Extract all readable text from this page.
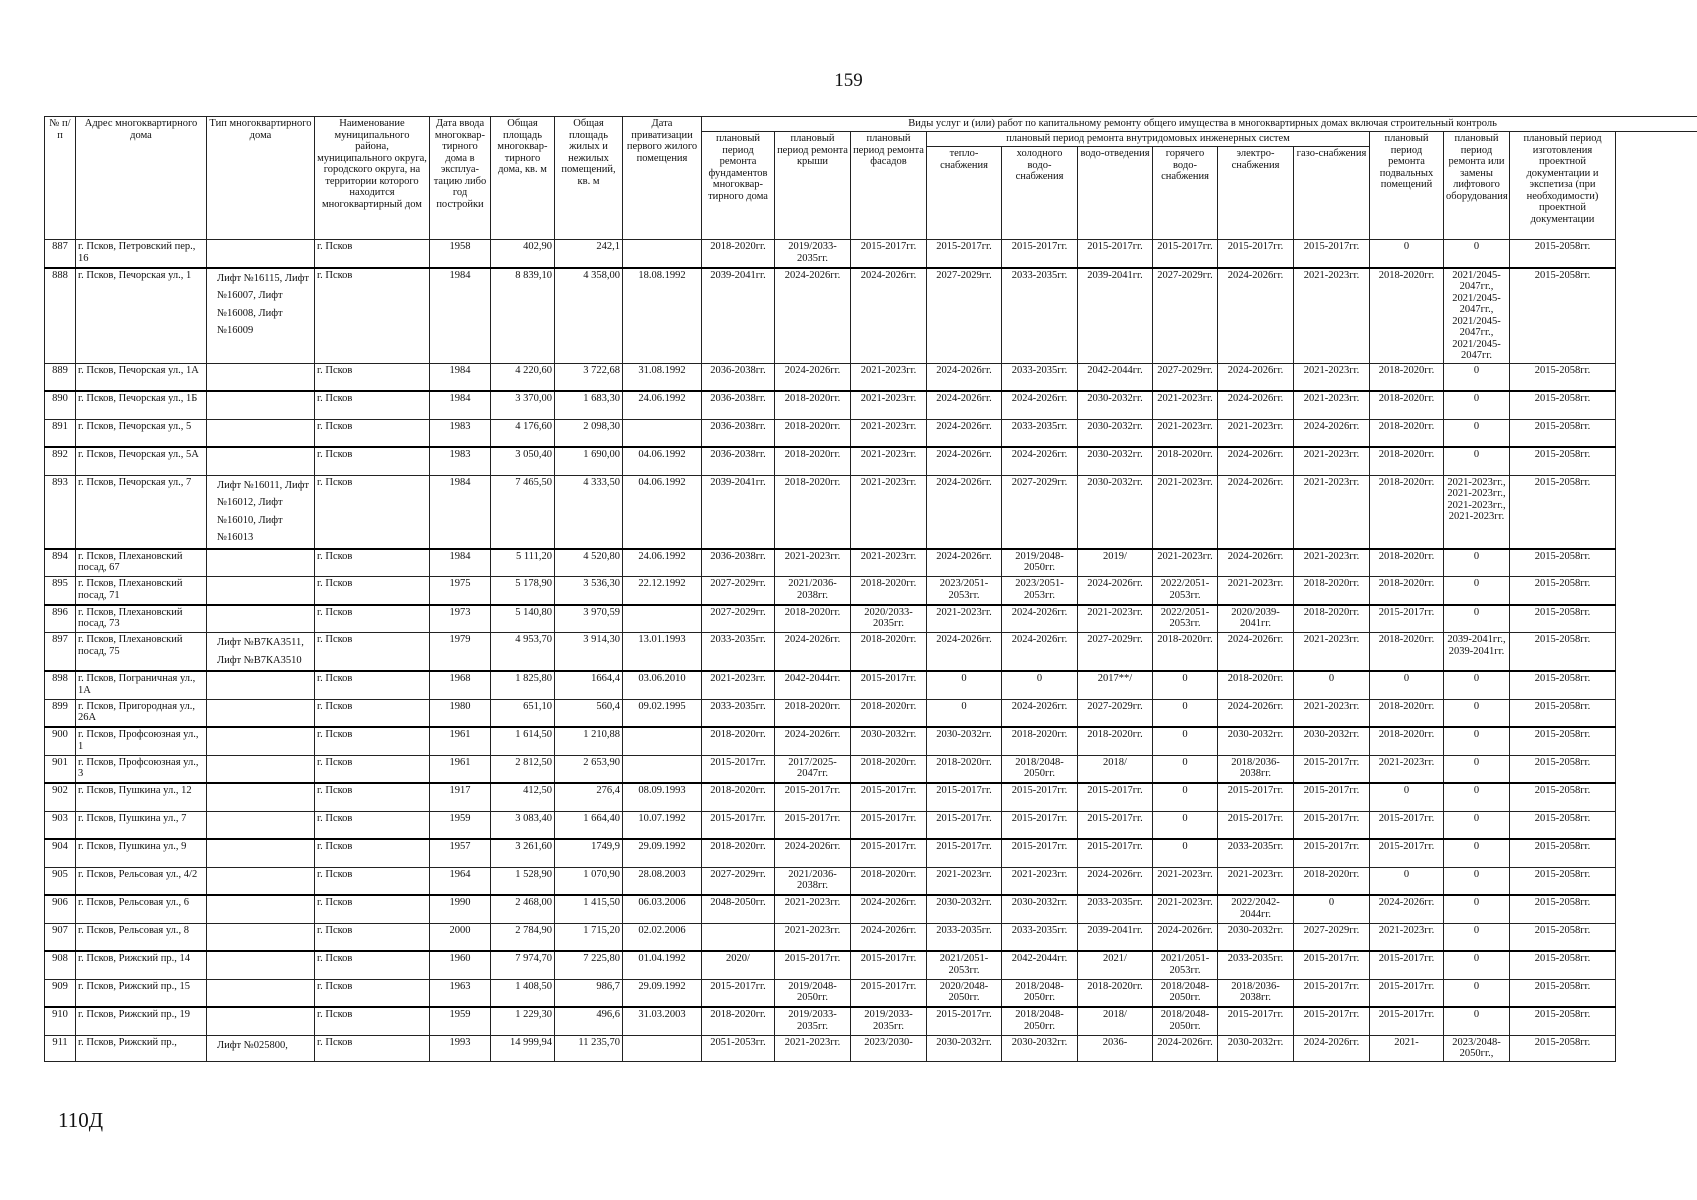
159
№ п/п	Адрес многоквартирного дома	Тип многоквартирного дома	Наименование муниципального района, муниципального округа, городского округа, на территории которого находится многоквартирный дом	Дата ввода многоквар-тирного дома в эксплуа-тацию либо год постройки	Общая площадь многоквар-тирного дома, кв. м	Общая площадь жилых и нежилых помещений, кв. м	Дата приватизации первого жилого помещения	Виды услуг и (или) работ по капитальному ремонту общего имущества в многоквартирных домах включая строительный контроль											
								плановый период ремонта фундаментов многоквар-тирного дома	плановый период ремонта крыши	плановый период ремонта фасадов	плановый период ремонта внутридомовых инженерных систем						плановый период ремонта подвальных помещений	плановый период ремонта или замены лифтового оборудования	плановый период изготовления проектной документации и экспетиза (при необходимости) проектной документации
											тепло-снабжения	холодного водо-снабжения	водо-отведения	горячего водо-снабжения	электро-снабжения	газо-снабжения			
887	г. Псков, Петровский пер., 16		г. Псков	1958	402,90	242,1		2018-2020гг.	2019/2033-2035гг.	2015-2017гг.	2015-2017гг.	2015-2017гг.	2015-2017гг.	2015-2017гг.	2015-2017гг.	2015-2017гг.	0	0	2015-2058гг.
888	г. Псков, Печорская ул., 1	Лифт №16115, Лифт №16007, Лифт №16008, Лифт №16009	г. Псков	1984	8 839,10	4 358,00	18.08.1992	2039-2041гг.	2024-2026гг.	2024-2026гг.	2027-2029гг.	2033-2035гг.	2039-2041гг.	2027-2029гг.	2024-2026гг.	2021-2023гг.	2018-2020гг.	2021/2045-2047гг., 2021/2045-2047гг., 2021/2045-2047гг., 2021/2045-2047гг.	2015-2058гг.
889	г. Псков, Печорская ул., 1А		г. Псков	1984	4 220,60	3 722,68	31.08.1992	2036-2038гг.	2024-2026гг.	2021-2023гг.	2024-2026гг.	2033-2035гг.	2042-2044гг.	2027-2029гг.	2024-2026гг.	2021-2023гг.	2018-2020гг.	0	2015-2058гг.
890	г. Псков, Печорская ул., 1Б		г. Псков	1984	3 370,00	1 683,30	24.06.1992	2036-2038гг.	2018-2020гг.	2021-2023гг.	2024-2026гг.	2024-2026гг.	2030-2032гг.	2021-2023гг.	2024-2026гг.	2021-2023гг.	2018-2020гг.	0	2015-2058гг.
891	г. Псков, Печорская ул., 5		г. Псков	1983	4 176,60	2 098,30		2036-2038гг.	2018-2020гг.	2021-2023гг.	2024-2026гг.	2033-2035гг.	2030-2032гг.	2021-2023гг.	2021-2023гг.	2024-2026гг.	2018-2020гг.	0	2015-2058гг.
892	г. Псков, Печорская ул., 5А		г. Псков	1983	3 050,40	1 690,00	04.06.1992	2036-2038гг.	2018-2020гг.	2021-2023гг.	2024-2026гг.	2024-2026гг.	2030-2032гг.	2018-2020гг.	2024-2026гг.	2021-2023гг.	2018-2020гг.	0	2015-2058гг.
893	г. Псков, Печорская ул., 7	Лифт №16011, Лифт №16012, Лифт №16010, Лифт №16013	г. Псков	1984	7 465,50	4 333,50	04.06.1992	2039-2041гг.	2018-2020гг.	2021-2023гг.	2024-2026гг.	2027-2029гг.	2030-2032гг.	2021-2023гг.	2024-2026гг.	2021-2023гг.	2018-2020гг.	2021-2023гг., 2021-2023гг., 2021-2023гг., 2021-2023гг.	2015-2058гг.
894	г. Псков, Плехановский посад, 67		г. Псков	1984	5 111,20	4 520,80	24.06.1992	2036-2038гг.	2021-2023гг.	2021-2023гг.	2024-2026гг.	2019/2048-2050гг.	2019/	2021-2023гг.	2024-2026гг.	2021-2023гг.	2018-2020гг.	0	2015-2058гг.
895	г. Псков, Плехановский посад, 71		г. Псков	1975	5 178,90	3 536,30	22.12.1992	2027-2029гг.	2021/2036-2038гг.	2018-2020гг.	2023/2051-2053гг.	2023/2051-2053гг.	2024-2026гг.	2022/2051-2053гг.	2021-2023гг.	2018-2020гг.	2018-2020гг.	0	2015-2058гг.
896	г. Псков, Плехановский посад, 73		г. Псков	1973	5 140,80	3 970,59		2027-2029гг.	2018-2020гг.	2020/2033-2035гг.	2021-2023гг.	2024-2026гг.	2021-2023гг.	2022/2051-2053гг.	2020/2039-2041гг.	2018-2020гг.	2015-2017гг.	0	2015-2058гг.
897	г. Псков, Плехановский посад, 75	Лифт №В7КА3511, Лифт №В7КА3510	г. Псков	1979	4 953,70	3 914,30	13.01.1993	2033-2035гг.	2024-2026гг.	2018-2020гг.	2024-2026гг.	2024-2026гг.	2027-2029гг.	2018-2020гг.	2024-2026гг.	2021-2023гг.	2018-2020гг.	2039-2041гг., 2039-2041гг.	2015-2058гг.
898	г. Псков, Пограничная ул., 1А		г. Псков	1968	1 825,80	1664,4	03.06.2010	2021-2023гг.	2042-2044гг.	2015-2017гг.	0	0	2017**/	0	2018-2020гг.	0	0	0	2015-2058гг.
899	г. Псков, Пригородная ул., 26А		г. Псков	1980	651,10	560,4	09.02.1995	2033-2035гг.	2018-2020гг.	2018-2020гг.	0	2024-2026гг.	2027-2029гг.	0	2024-2026гг.	2021-2023гг.	2018-2020гг.	0	2015-2058гг.
900	г. Псков, Профсоюзная ул., 1		г. Псков	1961	1 614,50	1 210,88		2018-2020гг.	2024-2026гг.	2030-2032гг.	2030-2032гг.	2018-2020гг.	2018-2020гг.	0	2030-2032гг.	2030-2032гг.	2018-2020гг.	0	2015-2058гг.
901	г. Псков, Профсоюзная ул., 3		г. Псков	1961	2 812,50	2 653,90		2015-2017гг.	2017/2025-2047гг.	2018-2020гг.	2018-2020гг.	2018/2048-2050гг.	2018/	0	2018/2036-2038гг.	2015-2017гг.	2021-2023гг.	0	2015-2058гг.
902	г. Псков, Пушкина ул., 12		г. Псков	1917	412,50	276,4	08.09.1993	2018-2020гг.	2015-2017гг.	2015-2017гг.	2015-2017гг.	2015-2017гг.	2015-2017гг.	0	2015-2017гг.	2015-2017гг.	0	0	2015-2058гг.
903	г. Псков, Пушкина ул., 7		г. Псков	1959	3 083,40	1 664,40	10.07.1992	2015-2017гг.	2015-2017гг.	2015-2017гг.	2015-2017гг.	2015-2017гг.	2015-2017гг.	0	2015-2017гг.	2015-2017гг.	2015-2017гг.	0	2015-2058гг.
904	г. Псков, Пушкина ул., 9		г. Псков	1957	3 261,60	1749,9	29.09.1992	2018-2020гг.	2024-2026гг.	2015-2017гг.	2015-2017гг.	2015-2017гг.	2015-2017гг.	0	2033-2035гг.	2015-2017гг.	2015-2017гг.	0	2015-2058гг.
905	г. Псков, Рельсовая ул., 4/2		г. Псков	1964	1 528,90	1 070,90	28.08.2003	2027-2029гг.	2021/2036-2038гг.	2018-2020гг.	2021-2023гг.	2021-2023гг.	2024-2026гг.	2021-2023гг.	2021-2023гг.	2018-2020гг.	0	0	2015-2058гг.
906	г. Псков, Рельсовая ул., 6		г. Псков	1990	2 468,00	1 415,50	06.03.2006	2048-2050гг.	2021-2023гг.	2024-2026гг.	2030-2032гг.	2030-2032гг.	2033-2035гг.	2021-2023гг.	2022/2042-2044гг.	0	2024-2026гг.	0	2015-2058гг.
907	г. Псков, Рельсовая ул., 8		г. Псков	2000	2 784,90	1 715,20	02.02.2006		2021-2023гг.	2024-2026гг.	2033-2035гг.	2033-2035гг.	2039-2041гг.	2024-2026гг.	2030-2032гг.	2027-2029гг.	2021-2023гг.	0	2015-2058гг.
908	г. Псков, Рижский пр., 14		г. Псков	1960	7 974,70	7 225,80	01.04.1992	2020/	2015-2017гг.	2015-2017гг.	2021/2051-2053гг.	2042-2044гг.	2021/	2021/2051-2053гг.	2033-2035гг.	2015-2017гг.	2015-2017гг.	0	2015-2058гг.
909	г. Псков, Рижский пр., 15		г. Псков	1963	1 408,50	986,7	29.09.1992	2015-2017гг.	2019/2048-2050гг.	2015-2017гг.	2020/2048-2050гг.	2018/2048-2050гг.	2018-2020гг.	2018/2048-2050гг.	2018/2036-2038гг.	2015-2017гг.	2015-2017гг.	0	2015-2058гг.
910	г. Псков, Рижский пр., 19		г. Псков	1959	1 229,30	496,6	31.03.2003	2018-2020гг.	2019/2033-2035гг.	2019/2033-2035гг.	2015-2017гг.	2018/2048-2050гг.	2018/	2018/2048-2050гг.	2015-2017гг.	2015-2017гг.	2015-2017гг.	0	2015-2058гг.
911	г. Псков, Рижский пр.,	Лифт №025800,	г. Псков	1993	14 999,94	11 235,70		2051-2053гг.	2021-2023гг.	2023/2030-	2030-2032гг.	2030-2032гг.	2036-	2024-2026гг.	2030-2032гг.	2024-2026гг.	2021-	2023/2048-2050гг.,	2015-2058гг.
110Д
